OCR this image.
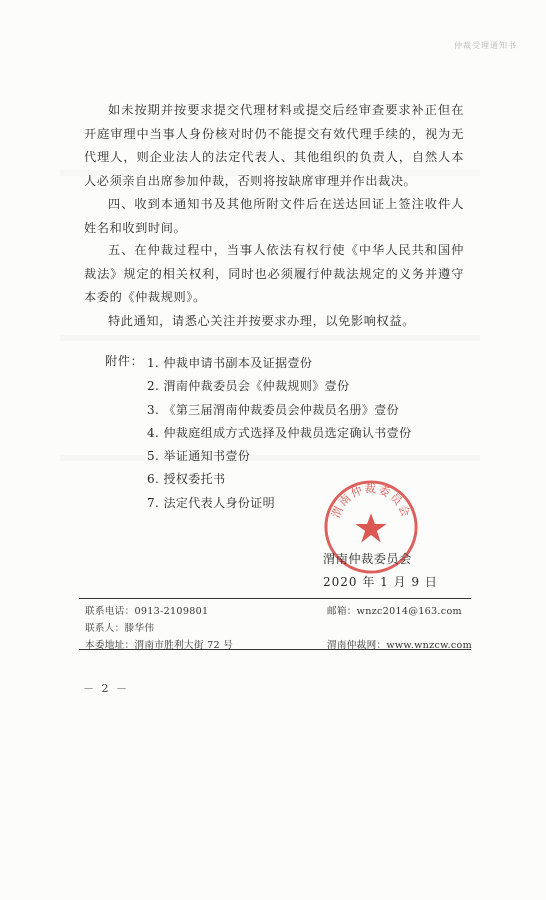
仲裁受理通知书

如未按期并按要求提交代理材料或提交后经审查要求补正但在开庭审理中当事人身份核对时仍不能提交有效代理手续的，视为无代理人，则企业法人的法定代表人、其他组织的负责人，自然人本人必须亲自出席参加仲裁，否则将按缺席审理并作出裁决。

四、收到本通知书及其他所附文件后在送达回证上签注收件人姓名和收到时间。

五、在仲裁过程中，当事人依法有权行使《中华人民共和国仲裁法》规定的相关权利，同时也必须履行仲裁法规定的义务并遵守本委的《仲裁规则》。

特此通知，请悉心关注并按要求办理，以免影响权益。

附件： 1. 仲裁申请书副本及证据壹份
2. 渭南仲裁委员会《仲裁规则》壹份
3. 《第三届渭南仲裁委员会仲裁员名册》壹份
4. 仲裁庭组成方式选择及仲裁员选定确认书壹份
5. 举证通知书壹份
6. 授权委托书
7. 法定代表人身份证明
渭南仲裁委员会
渭南仲裁委员会
2020 年 1 月 9 日
联系电话：0913-2109801	邮箱：wnzc2014@163.com
联系人：滕华伟
本委地址：渭南市胜利大街 72 号	渭南仲裁网：www.wnzcw.com
－ 2 －
